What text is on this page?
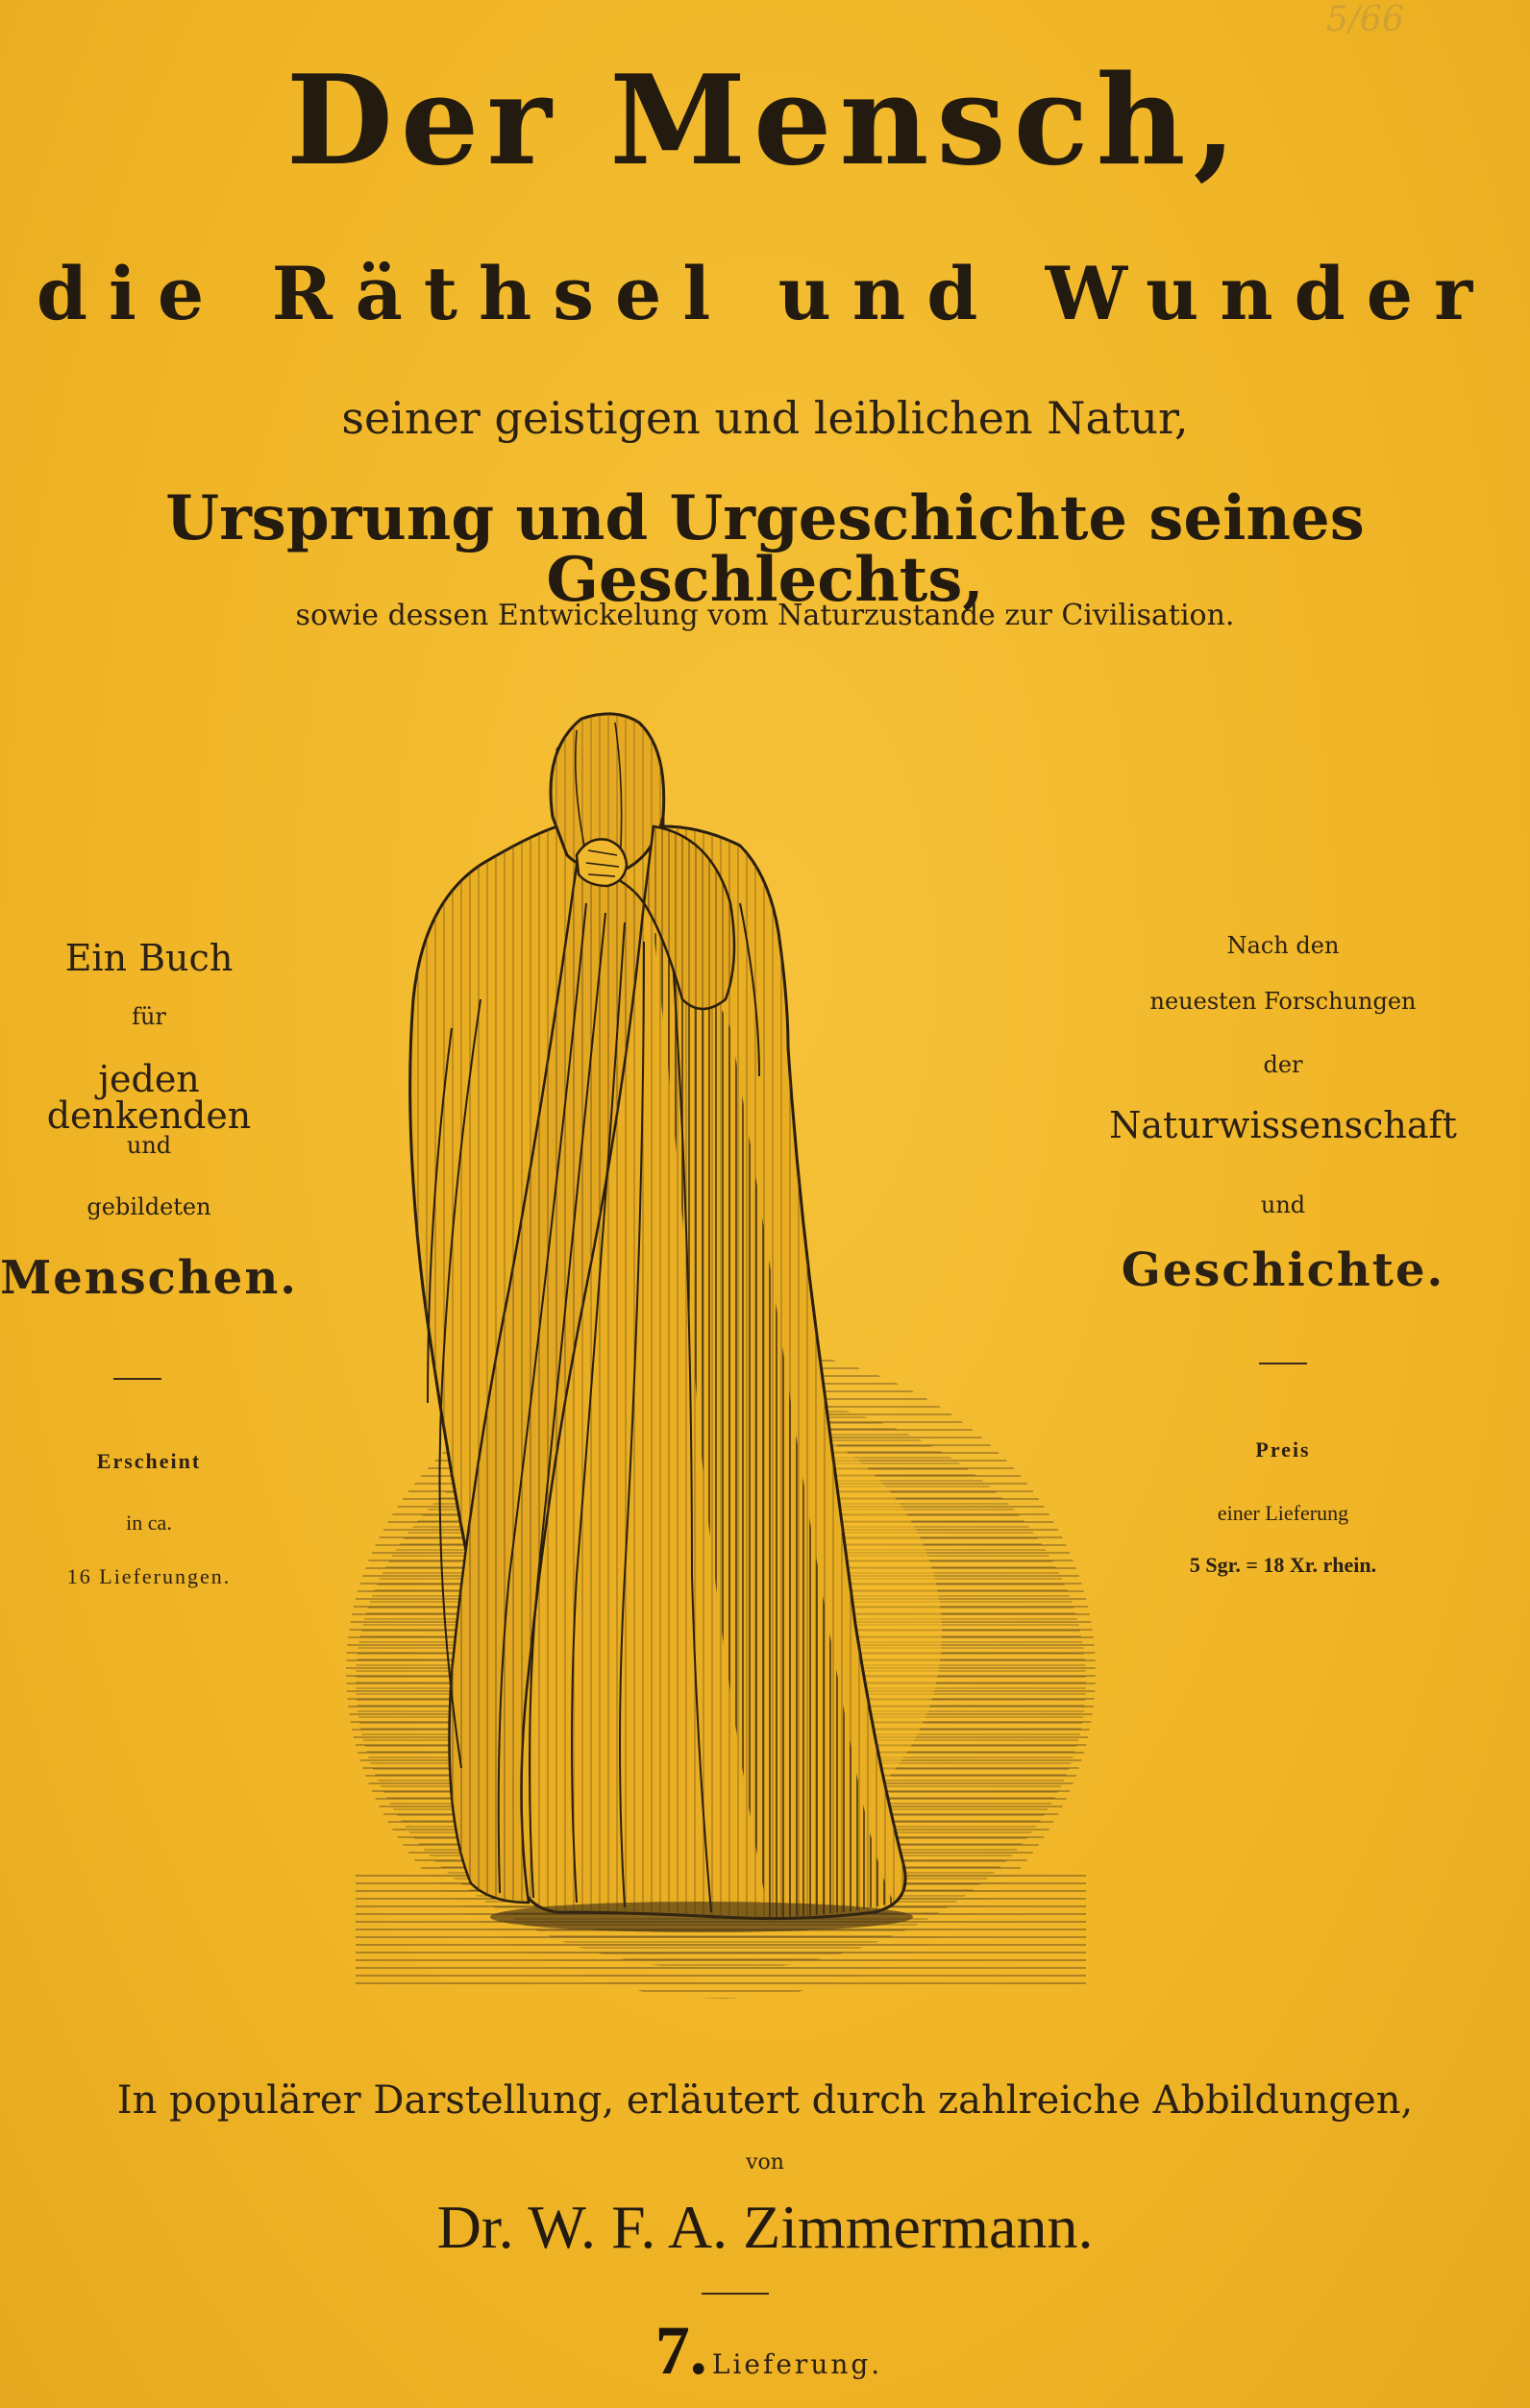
5/66
Der Mensch,
die Räthsel und Wunder
seiner geistigen und leiblichen Natur,
Ursprung und Urgeschichte seines Geschlechts,
sowie dessen Entwickelung vom Naturzustande zur Civilisation.
Ein Buch
für
jeden denkenden
und
gebildeten
Menschen.
Erscheint
in ca.
16 Lieferungen.
Nach den
neuesten Forschungen
der
Naturwissenschaft
und
Geschichte.
Preis
einer Lieferung
5 Sgr. = 18 Xr. rhein.
In populärer Darstellung, erläutert durch zahlreiche Abbildungen,
von
Dr. W. F. A. Zimmermann.
7. Lieferung.
